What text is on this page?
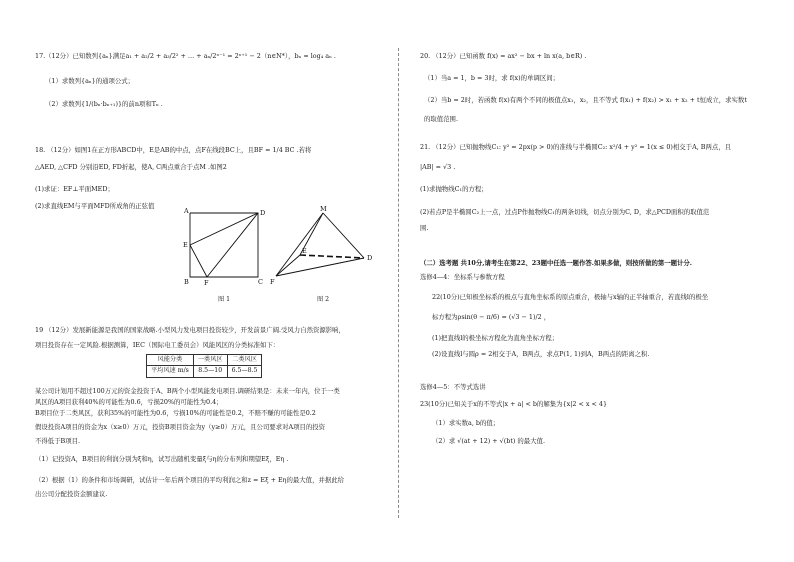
17.（12分）已知数列{aₙ}满足a₁ + a₂/2 + a₃/2² + … + aₙ/2ⁿ⁻¹ = 2ⁿ⁺¹ − 2（n∈N*），bₙ = log₄ aₙ .
（1）求数列{aₙ}的通项公式；
（2）求数列{1/(bₙ·bₙ₊₁)}的前n项和Tₙ .
18. （12分）如图1在正方形ABCD中，E是AB的中点，点F在线段BC上，且BF = 1/4 BC .若将
△AED, △CFD 分别沿ED, FD折起，使A, C两点重合于点M .如图2
(1)求证：EF⊥平面MED；
(2)求直线EM与平面MFD所成角的正弦值
A	D
E
B F	C
图 1
M
E
D
F
图 2
19 （12分）发展新能源是我国的国家战略.小型风力发电项目投资较少，开发前景广阔.受风力自然资源影响，
项目投资存在一定风险.根据测算，IEC（国际电工委员会）风能风区的分类标准如下：
风能分类	一类风区	二类风区
平均风速 m/s	8.5—10	6.5—8.5
某公司计划用不超过100万元的资金投资于A、B两个小型风能发电项目.调研结果是：未来一年内，位于一类
风区的A项目获利40%的可能性为0.6，亏损20%的可能性为0.4；
B项目位于二类风区，获利35%的可能性为0.6，亏损10%的可能性是0.2，不赔不赚的可能性是0.2
假设投资A项目的资金为x（x≥0）万元，投资B项目资金为y（y≥0）万元，且公司要求对A项目的投资
不得低于B项目.
（1）记投资A，B项目的利润分别为ξ和η，试写出随机变量ξ与η的分布列和期望Eξ，Eη .
（2）根据（1）的条件和市场调研，试估计一年后两个项目的平均利润之和z = Eξ + Eη的最大值，并据此给
出公司分配投资金额建议.
20. （12分）已知函数 f(x) = ax² − bx + ln x(a, b∈R) .
（1）当a = 1，b = 3时，求 f(x)的单调区间；
（2）当b = 2时，若函数 f(x)有两个不同的极值点x₁，x₂，且不等式 f(x₁) + f(x₂) > x₁ + x₂ + t恒成立，求实数t
的取值范围.
21. （12分）已知抛物线C₁: y² = 2px(p > 0)的准线与半椭圆C₂: x²/4 + y² = 1(x ≤ 0)相交于A, B两点，且
|AB| = √3 .
(1)求抛物线C₁的方程；
(2)若点P是半椭圆C₂上一点，过点P作抛物线C₁的两条切线，切点分别为C, D，求△PCD面积的取值范
围.
（二）选考题 共10分,请考生在第22、23题中任选一题作答.如果多做，则按所做的第一题计分.
选修4—4：坐标系与参数方程
22(10分)已知极坐标系的极点与直角坐标系的原点重合，极轴与x轴的正半轴重合，若直线l的极坐
标方程为ρsin(θ − π/6) = (√3 − 1)/2 ，
(1)把直线l的极坐标方程化为直角坐标方程；
(2)设直线l与圆ρ = 2相交于A，B两点，求点P(1, 1)到A，B两点的距离之积.
选修4—5：不等式选讲
23(10分)已知关于x的不等式|x + a| < b的解集为{x|2 < x < 4}
（1）求实数a, b的值；
（2）求 √(at + 12) + √(bt) 的最大值.
